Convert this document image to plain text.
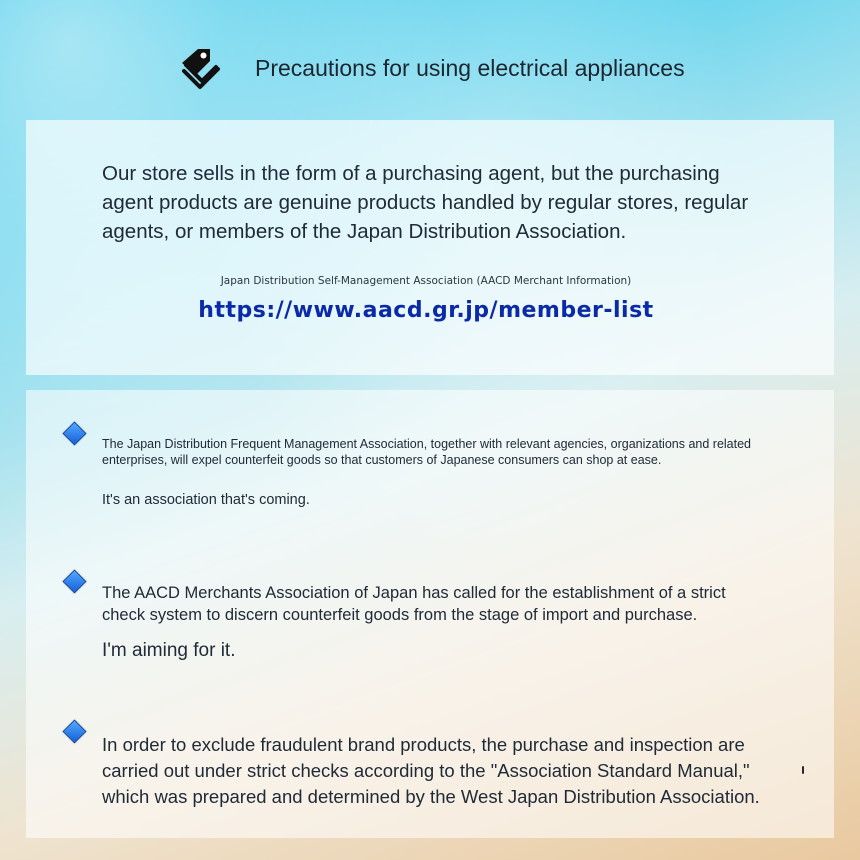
Precautions for using electrical appliances
Our store sells in the form of a purchasing agent, but the purchasing agent products are genuine products handled by regular stores, regular agents, or members of the Japan Distribution Association.
Japan Distribution Self-Management Association (AACD Merchant Information)
https://www.aacd.gr.jp/member-list
The Japan Distribution Frequent Management Association, together with relevant agencies, organizations and related enterprises, will expel counterfeit goods so that customers of Japanese consumers can shop at ease.
It's an association that's coming.
The AACD Merchants Association of Japan has called for the establishment of a strict check system to discern counterfeit goods from the stage of import and purchase.
I'm aiming for it.
In order to exclude fraudulent brand products, the purchase and inspection are carried out under strict checks according to the "Association Standard Manual," which was prepared and determined by the West Japan Distribution Association.
